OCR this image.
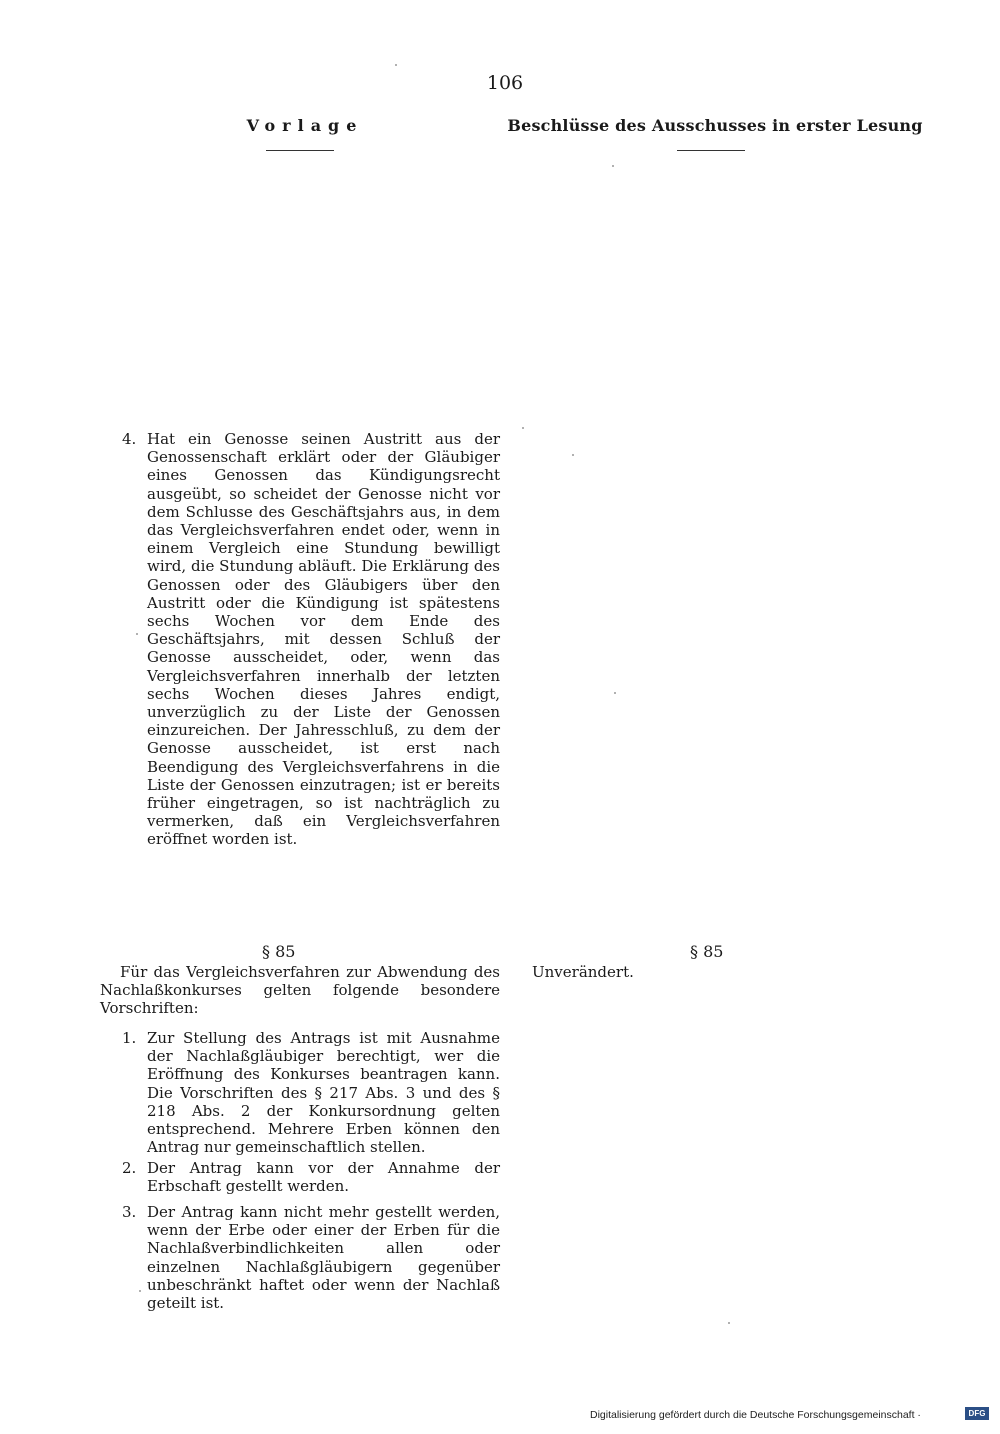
106
Vorlage	Beschlüsse des Ausschusses in erster Lesung
4. Hat ein Genosse seinen Austritt aus der Genossenschaft erklärt oder der Gläubiger eines Genossen das Kündigungsrecht ausgeübt, so scheidet der Genosse nicht vor dem Schlusse des Geschäftsjahrs aus, in dem das Vergleichsverfahren endet oder, wenn in einem Vergleich eine Stundung bewilligt wird, die Stundung abläuft. Die Erklärung des Genossen oder des Gläubigers über den Austritt oder die Kündigung ist spätestens sechs Wochen vor dem Ende des Geschäftsjahrs, mit dessen Schluß der Genosse ausscheidet, oder, wenn das Vergleichsverfahren innerhalb der letzten sechs Wochen dieses Jahres endigt, unverzüglich zu der Liste der Genossen einzureichen. Der Jahresschluß, zu dem der Genosse ausscheidet, ist erst nach Beendigung des Vergleichsverfahrens in die Liste der Genossen einzutragen; ist er bereits früher eingetragen, so ist nachträglich zu vermerken, daß ein Vergleichsverfahren eröffnet worden ist.
§ 85	§ 85
Für das Vergleichsverfahren zur Abwendung des Nachlaßkonkurses gelten folgende besondere Vorschriften:
1. Zur Stellung des Antrags ist mit Ausnahme der Nachlaßgläubiger berechtigt, wer die Eröffnung des Konkurses beantragen kann. Die Vorschriften des § 217 Abs. 3 und des § 218 Abs. 2 der Konkursordnung gelten entsprechend. Mehrere Erben können den Antrag nur gemeinschaftlich stellen.
2. Der Antrag kann vor der Annahme der Erbschaft gestellt werden.
3. Der Antrag kann nicht mehr gestellt werden, wenn der Erbe oder einer der Erben für die Nachlaßverbindlichkeiten allen oder einzelnen Nachlaßgläubigern gegenüber unbeschränkt haftet oder wenn der Nachlaß geteilt ist.
Unverändert.
Digitalisierung gefördert durch die Deutsche Forschungsgemeinschaft ·	DFG
